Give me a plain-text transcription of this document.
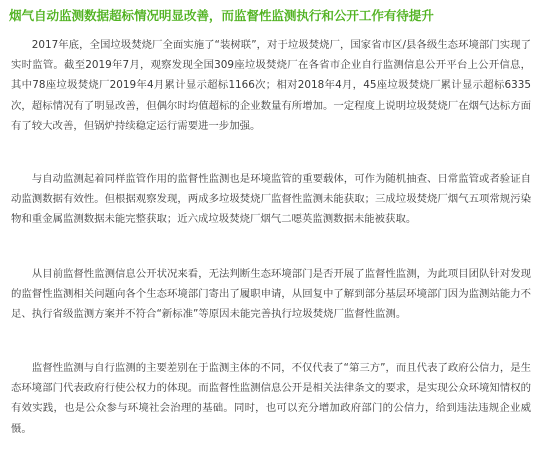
烟气自动监测数据超标情况明显改善，而监督性监测执行和公开工作有待提升

2017年底，全国垃圾焚烧厂全面实施了“装树联”，对于垃圾焚烧厂，国家省市区/县各级生态环境部门实现了实时监管。截至2019年7月，观察发现全国309座垃圾焚烧厂在各省市企业自行监测信息公开平台上公开信息，其中78座垃圾焚烧厂2019年4月累计显示超标1166次；相对2018年4月，45座垃圾焚烧厂累计显示超标6335次，超标情况有了明显改善，但偶尔时均值超标的企业数量有所增加。一定程度上说明垃圾焚烧厂在烟气达标方面有了较大改善，但锅炉持续稳定运行需要进一步加强。

与自动监测起着同样监管作用的监督性监测也是环境监管的重要载体，可作为随机抽查、日常监管或者验证自动监测数据有效性。但根据观察发现，两成多垃圾焚烧厂监督性监测未能获取；三成垃圾焚烧厂烟气五项常规污染物和重金属监测数据未能完整获取；近六成垃圾焚烧厂烟气二噁英监测数据未能被获取。

从目前监督性监测信息公开状况来看，无法判断生态环境部门是否开展了监督性监测，为此项目团队针对发现的监督性监测相关问题向各个生态环境部门寄出了履职申请，从回复中了解到部分基层环境部门因为监测站能力不足、执行省级监测方案并不符合“新标准”等原因未能完善执行垃圾焚烧厂监督性监测。

监督性监测与自行监测的主要差别在于监测主体的不同，不仅代表了“第三方”，而且代表了政府公信力，是生态环境部门代表政府行使公权力的体现。而监督性监测信息公开是相关法律条文的要求，是实现公众环境知情权的有效实践，也是公众参与环境社会治理的基础。同时，也可以充分增加政府部门的公信力，给到违法违规企业威慑。
